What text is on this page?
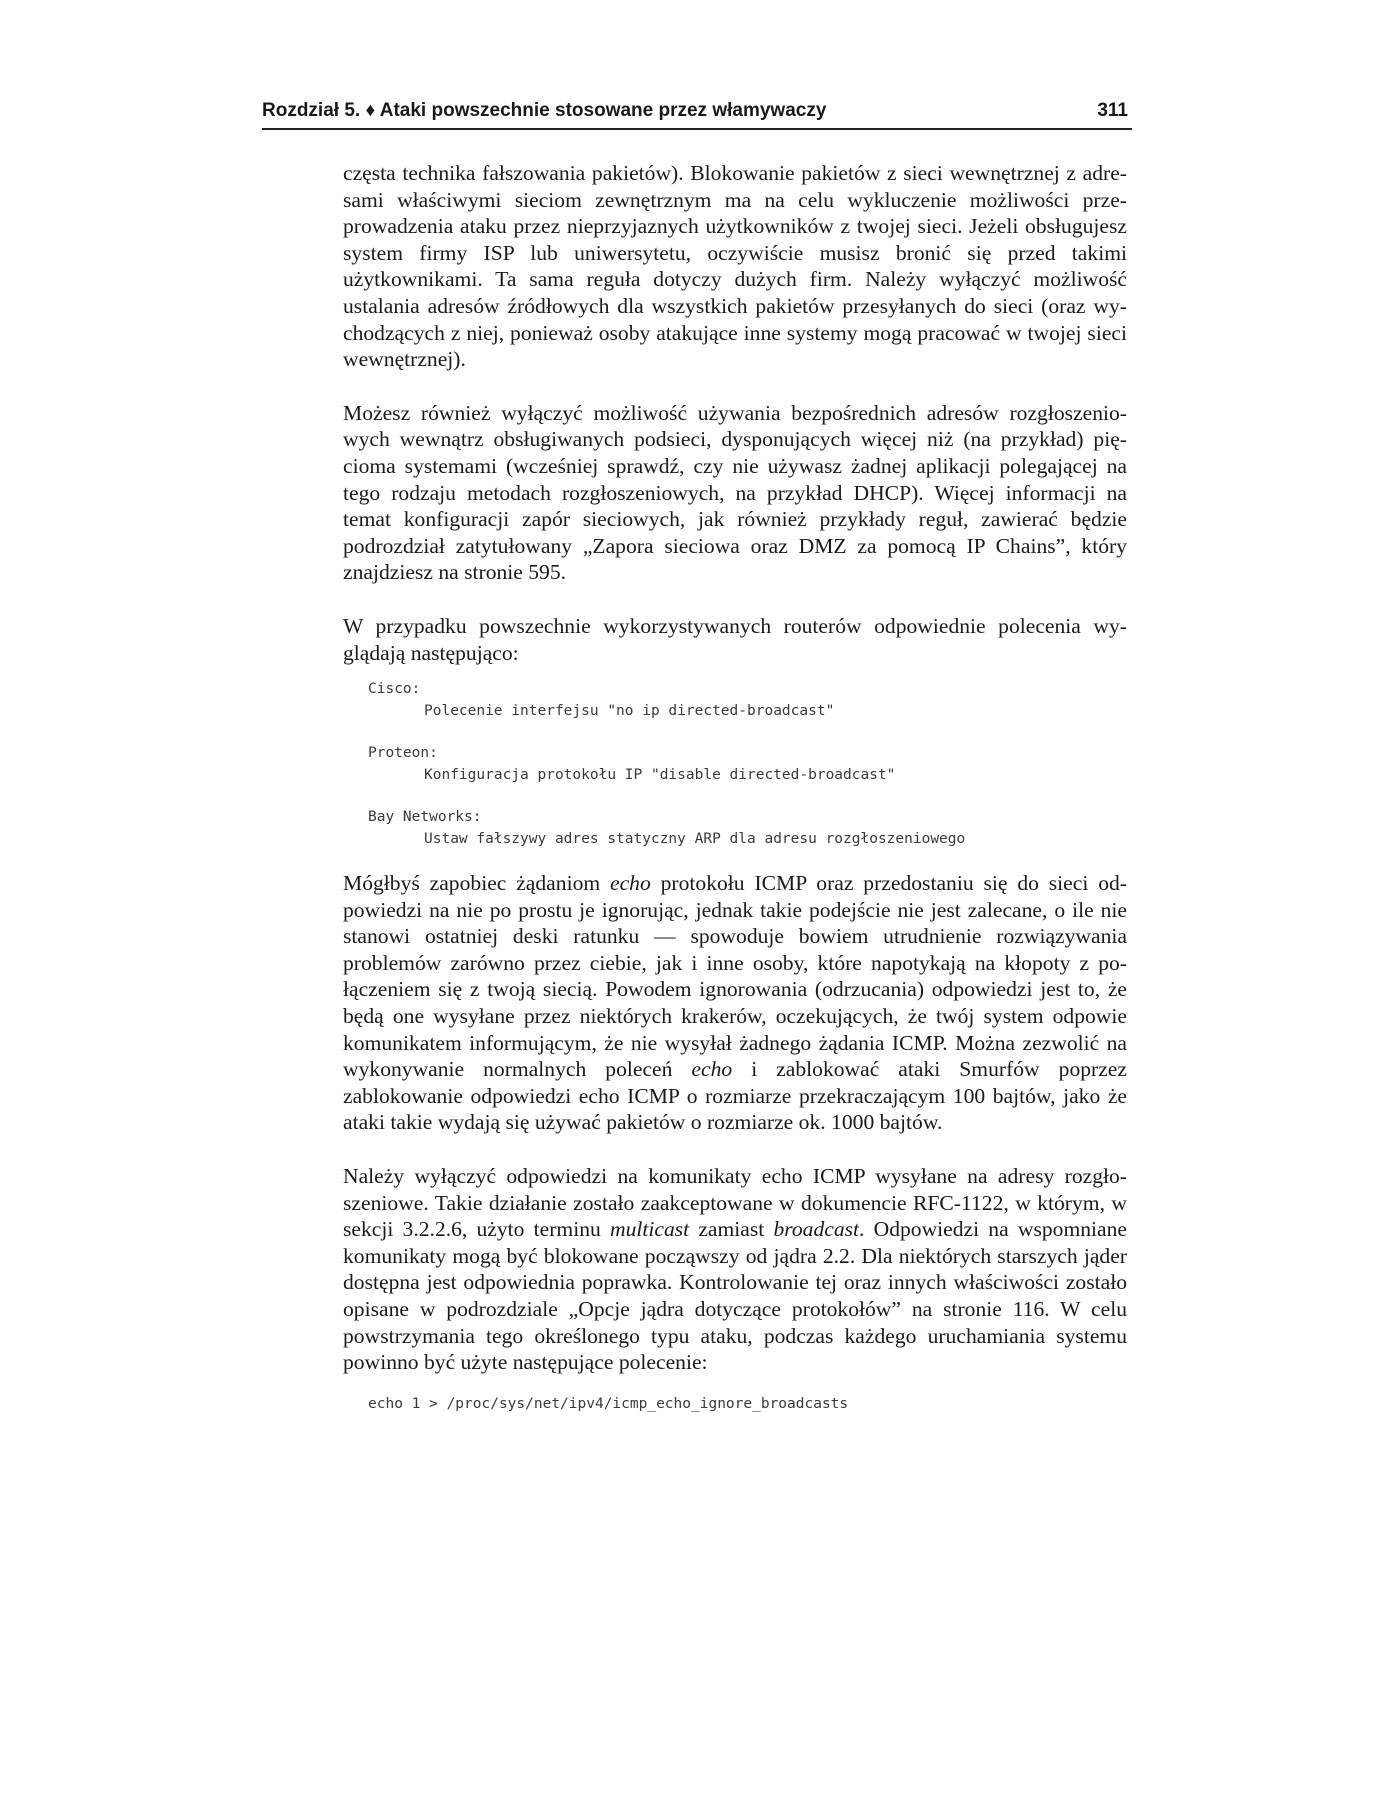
Rozdział 5. ♦ Ataki powszechnie stosowane przez włamywaczy	311

częsta technika fałszowania pakietów). Blokowanie pakietów z sieci wewnętrznej z adresami właściwymi sieciom zewnętrznym ma na celu wykluczenie możliwości przeprowadzenia ataku przez nieprzyjaznych użytkowników z twojej sieci. Jeżeli obsługujesz system firmy ISP lub uniwersytetu, oczywiście musisz bronić się przed takimi użytkownikami. Ta sama reguła dotyczy dużych firm. Należy wyłączyć możliwość ustalania adresów źródłowych dla wszystkich pakietów przesyłanych do sieci (oraz wychodzących z niej, ponieważ osoby atakujące inne systemy mogą pracować w twojej sieci wewnętrznej).

Możesz również wyłączyć możliwość używania bezpośrednich adresów rozgłoszeniowych wewnątrz obsługiwanych podsieci, dysponujących więcej niż (na przykład) pięcioma systemami (wcześniej sprawdź, czy nie używasz żadnej aplikacji polegającej na tego rodzaju metodach rozgłoszeniowych, na przykład DHCP). Więcej informacji na temat konfiguracji zapór sieciowych, jak również przykłady reguł, zawierać będzie podrozdział zatytułowany „Zapora sieciowa oraz DMZ za pomocą IP Chains”, który znajdziesz na stronie 595.

W przypadku powszechnie wykorzystywanych routerów odpowiednie polecenia wyglądają następująco:

Cisco:
Polecenie interfejsu "no ip directed-broadcast"
Proteon:
Konfiguracja protokołu IP "disable directed-broadcast"
Bay Networks:
Ustaw fałszywy adres statyczny ARP dla adresu rozgłoszeniowego

Mógłbyś zapobiec żądaniom echo protokołu ICMP oraz przedostaniu się do sieci odpowiedzi na nie po prostu je ignorując, jednak takie podejście nie jest zalecane, o ile nie stanowi ostatniej deski ratunku — spowoduje bowiem utrudnienie rozwiązywania problemów zarówno przez ciebie, jak i inne osoby, które napotykają na kłopoty z połączeniem się z twoją siecią. Powodem ignorowania (odrzucania) odpowiedzi jest to, że będą one wysyłane przez niektórych krakerów, oczekujących, że twój system odpowie komunikatem informującym, że nie wysyłał żadnego żądania ICMP. Można zezwolić na wykonywanie normalnych poleceń echo i zablokować ataki Smurfów poprzez zablokowanie odpowiedzi echo ICMP o rozmiarze przekraczającym 100 bajtów, jako że ataki takie wydają się używać pakietów o rozmiarze ok. 1000 bajtów.

Należy wyłączyć odpowiedzi na komunikaty echo ICMP wysyłane na adresy rozgłoszeniowe. Takie działanie zostało zaakceptowane w dokumencie RFC-1122, w którym, w sekcji 3.2.2.6, użyto terminu multicast zamiast broadcast. Odpowiedzi na wspomniane komunikaty mogą być blokowane począwszy od jądra 2.2. Dla niektórych starszych jąder dostępna jest odpowiednia poprawka. Kontrolowanie tej oraz innych właściwości zostało opisane w podrozdziale „Opcje jądra dotyczące protokołów” na stronie 116. W celu powstrzymania tego określonego typu ataku, podczas każdego uruchamiania systemu powinno być użyte następujące polecenie:

echo 1 > /proc/sys/net/ipv4/icmp_echo_ignore_broadcasts
